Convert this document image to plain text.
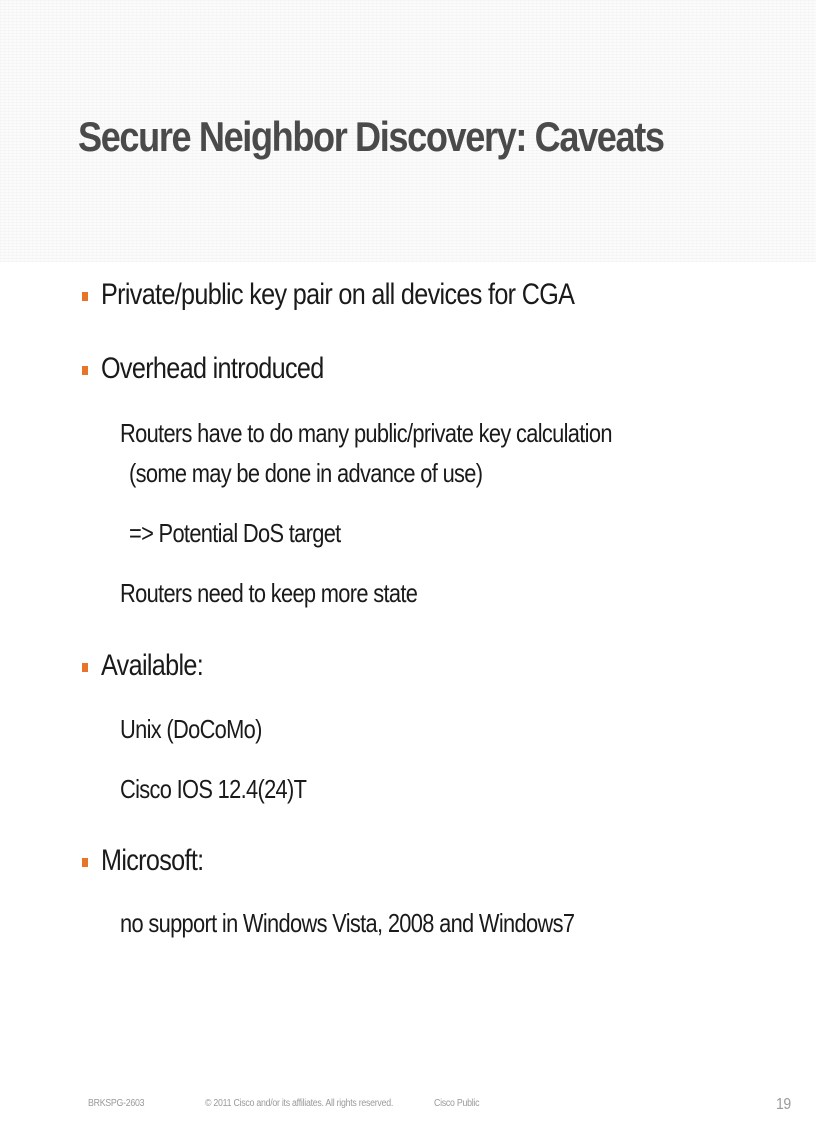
Secure Neighbor Discovery: Caveats
Private/public key pair on all devices for CGA
Overhead introduced
Routers have to do many public/private key calculation
(some may be done in advance of use)
=> Potential DoS target
Routers need to keep more state
Available:
Unix (DoCoMo)
Cisco IOS 12.4(24)T
Microsoft:
no support in Windows Vista, 2008 and Windows7
BRKSPG-2603	© 2011 Cisco and/or its affiliates. All rights reserved.	Cisco Public	19
